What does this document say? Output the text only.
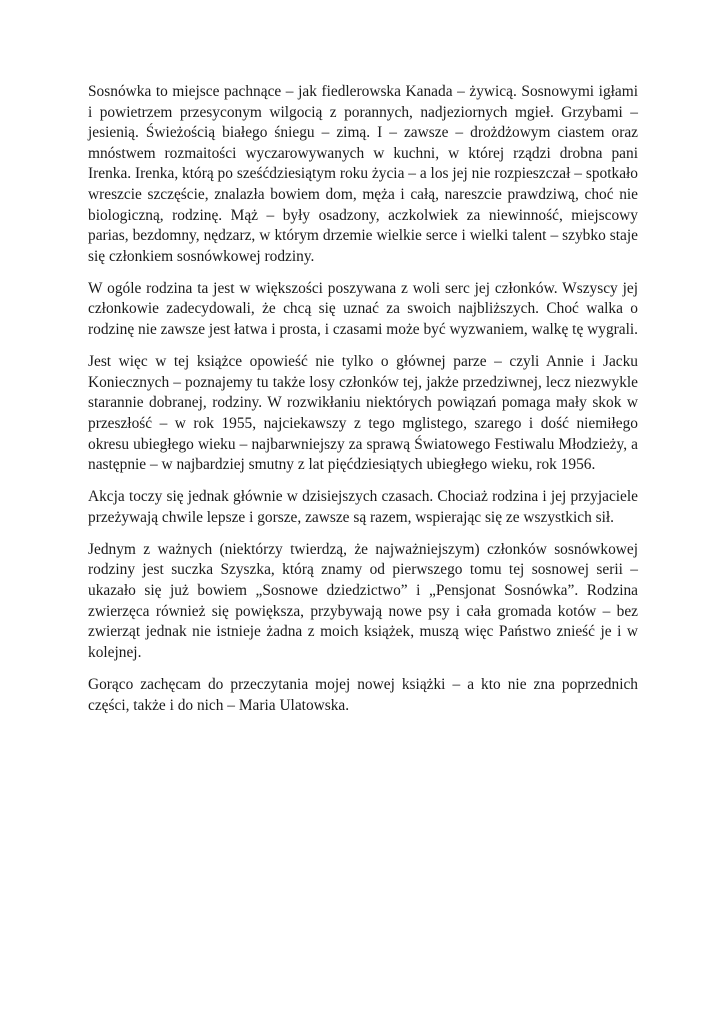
Sosnówka to miejsce pachnące – jak fiedlerowska Kanada – żywicą. Sosnowymi igłami i powietrzem przesyconym wilgocią z porannych, nadjeziornych mgieł. Grzybami – jesienią. Świeżością białego śniegu – zimą. I – zawsze – drożdżowym ciastem oraz mnóstwem rozmaitości wyczarowywanych w kuchni, w której rządzi drobna pani Irenka. Irenka, którą po sześćdziesiątym roku życia – a los jej nie rozpieszczał – spotkało wreszcie szczęście, znalazła bowiem dom, męża i całą, nareszcie prawdziwą, choć nie biologiczną, rodzinę. Mąż – były osadzony, aczkolwiek za niewinność, miejscowy parias, bezdomny, nędzarz, w którym drzemie wielkie serce i wielki talent – szybko staje się członkiem sosnówkowej rodziny.

W ogóle rodzina ta jest w większości poszywana z woli serc jej członków. Wszyscy jej członkowie zadecydowali, że chcą się uznać za swoich najbliższych. Choć walka o rodzinę nie zawsze jest łatwa i prosta, i czasami może być wyzwaniem, walkę tę wygrali.

Jest więc w tej książce opowieść nie tylko o głównej parze – czyli Annie i Jacku Koniecznych – poznajemy tu także losy członków tej, jakże przedziwnej, lecz niezwykle starannie dobranej, rodziny. W rozwikłaniu niektórych powiązań pomaga mały skok w przeszłość – w rok 1955, najciekawszy z tego mglistego, szarego i dość niemiłego okresu ubiegłego wieku – najbarwniejszy za sprawą Światowego Festiwalu Młodzieży, a następnie – w najbardziej smutny z lat pięćdziesiątych ubiegłego wieku, rok 1956.

Akcja toczy się jednak głównie w dzisiejszych czasach. Chociaż rodzina i jej przyjaciele przeżywają chwile lepsze i gorsze, zawsze są razem, wspierając się ze wszystkich sił.

Jednym z ważnych (niektórzy twierdzą, że najważniejszym) członków sosnówkowej rodziny jest suczka Szyszka, którą znamy od pierwszego tomu tej sosnowej serii – ukazało się już bowiem „Sosnowe dziedzictwo” i „Pensjonat Sosnówka”. Rodzina zwierzęca również się powiększa, przybywają nowe psy i cała gromada kotów – bez zwierząt jednak nie istnieje żadna z moich książek, muszą więc Państwo znieść je i w kolejnej.

Gorąco zachęcam do przeczytania mojej nowej książki – a kto nie zna poprzednich części, także i do nich – Maria Ulatowska.
